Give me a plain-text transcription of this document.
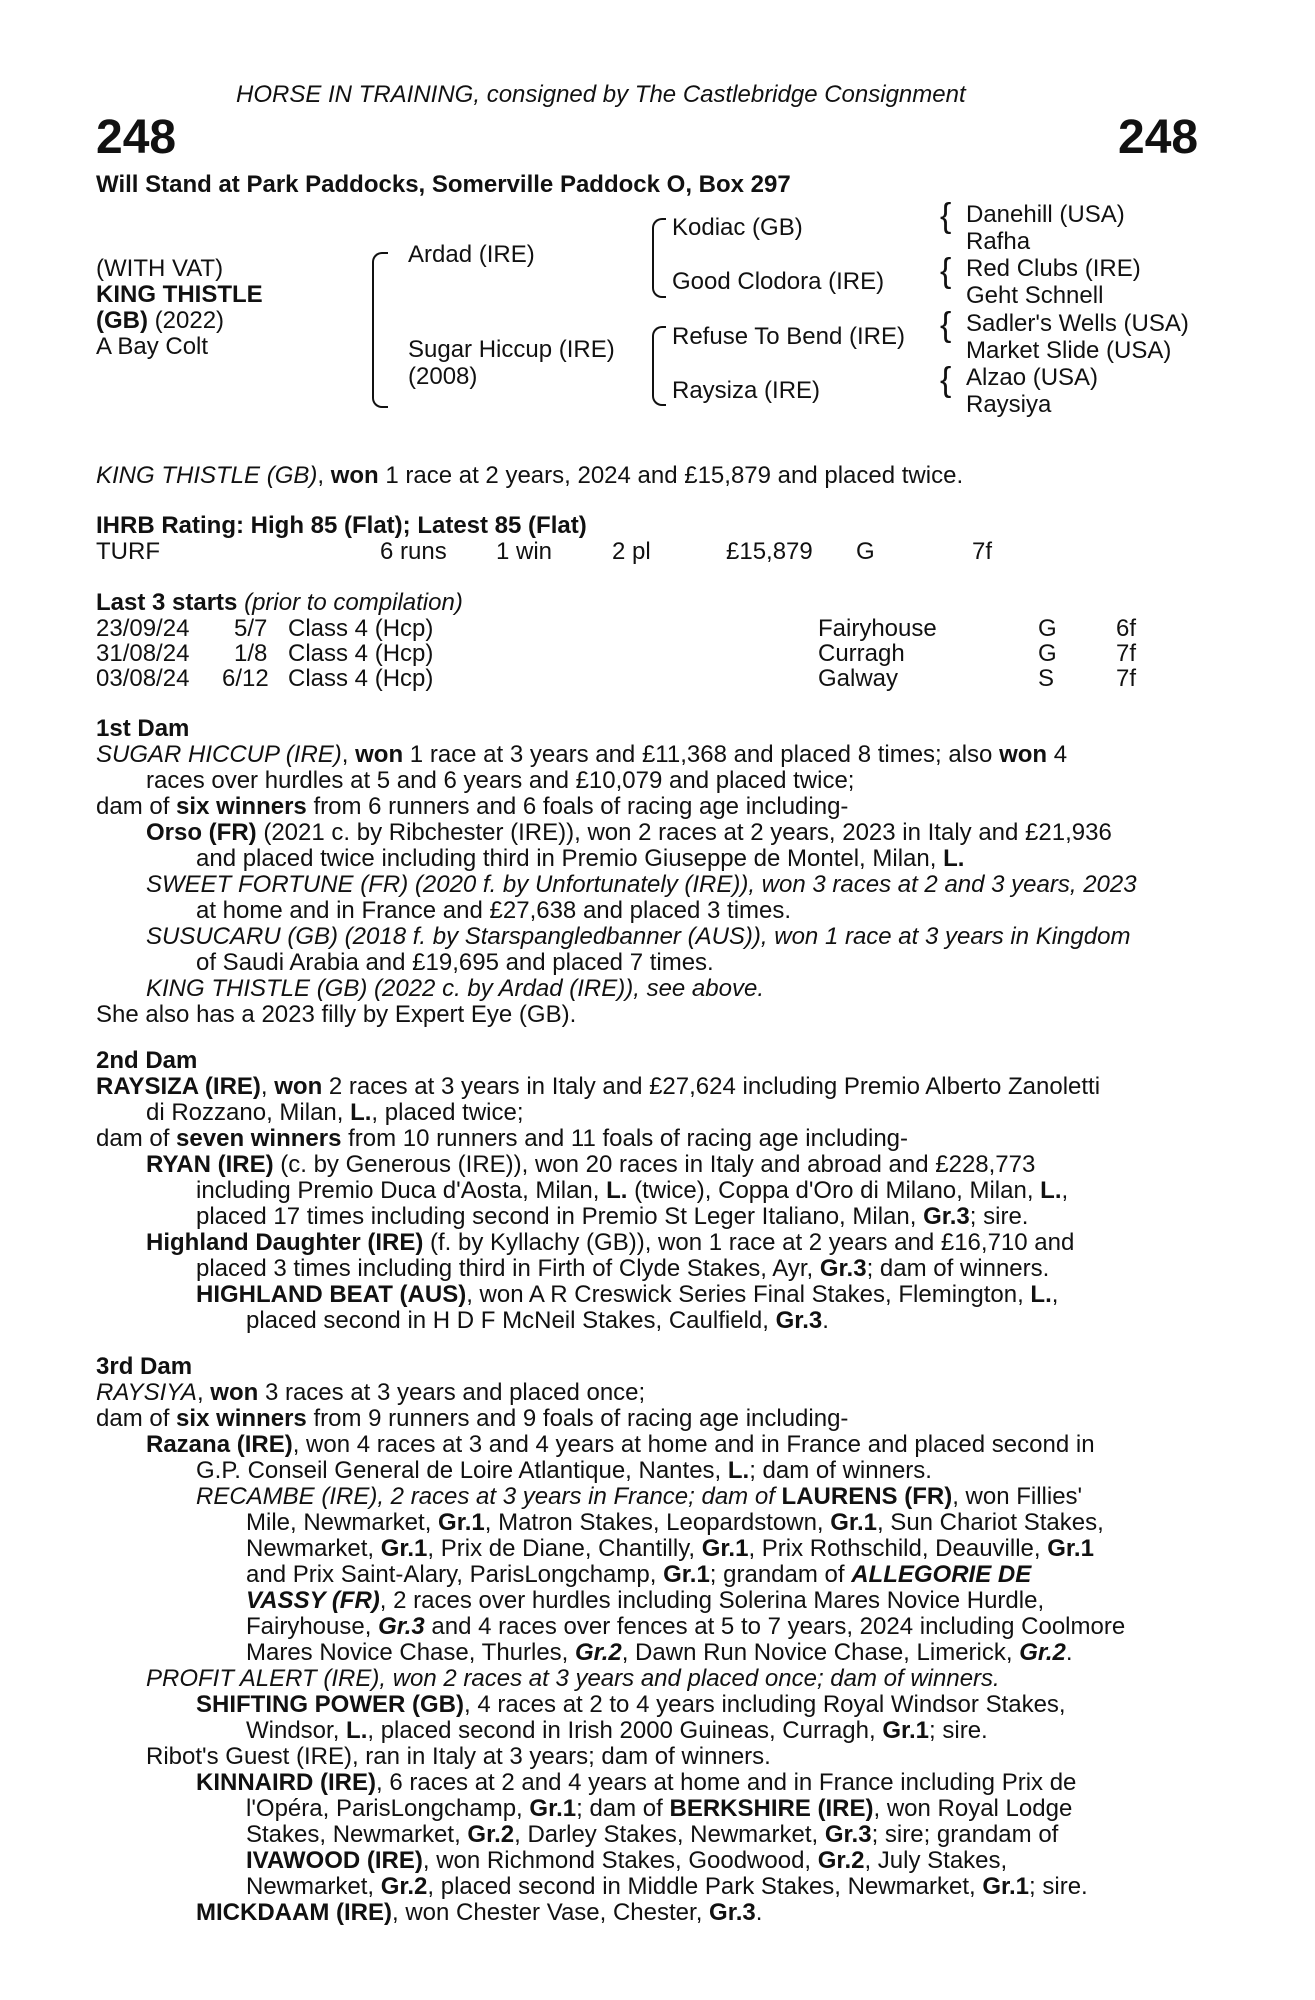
HORSE IN TRAINING, consigned by The Castlebridge Consignment
248	248
Will Stand at Park Paddocks, Somerville Paddock O, Box 297
(WITH VAT)
KING THISTLE
(GB) (2022)
A Bay Colt
Ardad (IRE)
Sugar Hiccup (IRE)
(2008)
Kodiac (GB)
Good Clodora (IRE)
Refuse To Bend (IRE)
Raysiza (IRE)
{
{
{
{
Danehill (USA)
Rafha
Red Clubs (IRE)
Geht Schnell
Sadler's Wells (USA)
Market Slide (USA)
Alzao (USA)
Raysiya
KING THISTLE (GB), won 1 race at 2 years, 2024 and £15,879 and placed twice.
IHRB Rating: High 85 (Flat); Latest 85 (Flat)
TURF	6 runs 1 win 2 pl	£15,879 G	7f
Last 3 starts (prior to compilation)
23/09/24 5/7 Class 4 (Hcp)	Fairyhouse	G 6f
31/08/24 1/8 Class 4 (Hcp)	Curragh	G 7f
03/08/24 6/12 Class 4 (Hcp)	Galway	S	7f
1st Dam
SUGAR HICCUP (IRE), won 1 race at 3 years and £11,368 and placed 8 times; also won 4
races over hurdles at 5 and 6 years and £10,079 and placed twice;
dam of six winners from 6 runners and 6 foals of racing age including-
Orso (FR) (2021 c. by Ribchester (IRE)), won 2 races at 2 years, 2023 in Italy and £21,936
and placed twice including third in Premio Giuseppe de Montel, Milan, L.
SWEET FORTUNE (FR) (2020 f. by Unfortunately (IRE)), won 3 races at 2 and 3 years, 2023
at home and in France and £27,638 and placed 3 times.
SUSUCARU (GB) (2018 f. by Starspangledbanner (AUS)), won 1 race at 3 years in Kingdom
of Saudi Arabia and £19,695 and placed 7 times.
KING THISTLE (GB) (2022 c. by Ardad (IRE)), see above.
She also has a 2023 filly by Expert Eye (GB).
2nd Dam
RAYSIZA (IRE), won 2 races at 3 years in Italy and £27,624 including Premio Alberto Zanoletti
di Rozzano, Milan, L., placed twice;
dam of seven winners from 10 runners and 11 foals of racing age including-
RYAN (IRE) (c. by Generous (IRE)), won 20 races in Italy and abroad and £228,773
including Premio Duca d'Aosta, Milan, L. (twice), Coppa d'Oro di Milano, Milan, L.,
placed 17 times including second in Premio St Leger Italiano, Milan, Gr.3; sire.
Highland Daughter (IRE) (f. by Kyllachy (GB)), won 1 race at 2 years and £16,710 and
placed 3 times including third in Firth of Clyde Stakes, Ayr, Gr.3; dam of winners.
HIGHLAND BEAT (AUS), won A R Creswick Series Final Stakes, Flemington, L.,
placed second in H D F McNeil Stakes, Caulfield, Gr.3.
3rd Dam
RAYSIYA, won 3 races at 3 years and placed once;
dam of six winners from 9 runners and 9 foals of racing age including-
Razana (IRE), won 4 races at 3 and 4 years at home and in France and placed second in
G.P. Conseil General de Loire Atlantique, Nantes, L.; dam of winners.
RECAMBE (IRE), 2 races at 3 years in France; dam of LAURENS (FR), won Fillies'
Mile, Newmarket, Gr.1, Matron Stakes, Leopardstown, Gr.1, Sun Chariot Stakes,
Newmarket, Gr.1, Prix de Diane, Chantilly, Gr.1, Prix Rothschild, Deauville, Gr.1
and Prix Saint-Alary, ParisLongchamp, Gr.1; grandam of ALLEGORIE DE
VASSY (FR), 2 races over hurdles including Solerina Mares Novice Hurdle,
Fairyhouse, Gr.3 and 4 races over fences at 5 to 7 years, 2024 including Coolmore
Mares Novice Chase, Thurles, Gr.2, Dawn Run Novice Chase, Limerick, Gr.2.
PROFIT ALERT (IRE), won 2 races at 3 years and placed once; dam of winners.
SHIFTING POWER (GB), 4 races at 2 to 4 years including Royal Windsor Stakes,
Windsor, L., placed second in Irish 2000 Guineas, Curragh, Gr.1; sire.
Ribot's Guest (IRE), ran in Italy at 3 years; dam of winners.
KINNAIRD (IRE), 6 races at 2 and 4 years at home and in France including Prix de
l'Opéra, ParisLongchamp, Gr.1; dam of BERKSHIRE (IRE), won Royal Lodge
Stakes, Newmarket, Gr.2, Darley Stakes, Newmarket, Gr.3; sire; grandam of
IVAWOOD (IRE), won Richmond Stakes, Goodwood, Gr.2, July Stakes,
Newmarket, Gr.2, placed second in Middle Park Stakes, Newmarket, Gr.1; sire.
MICKDAAM (IRE), won Chester Vase, Chester, Gr.3.
